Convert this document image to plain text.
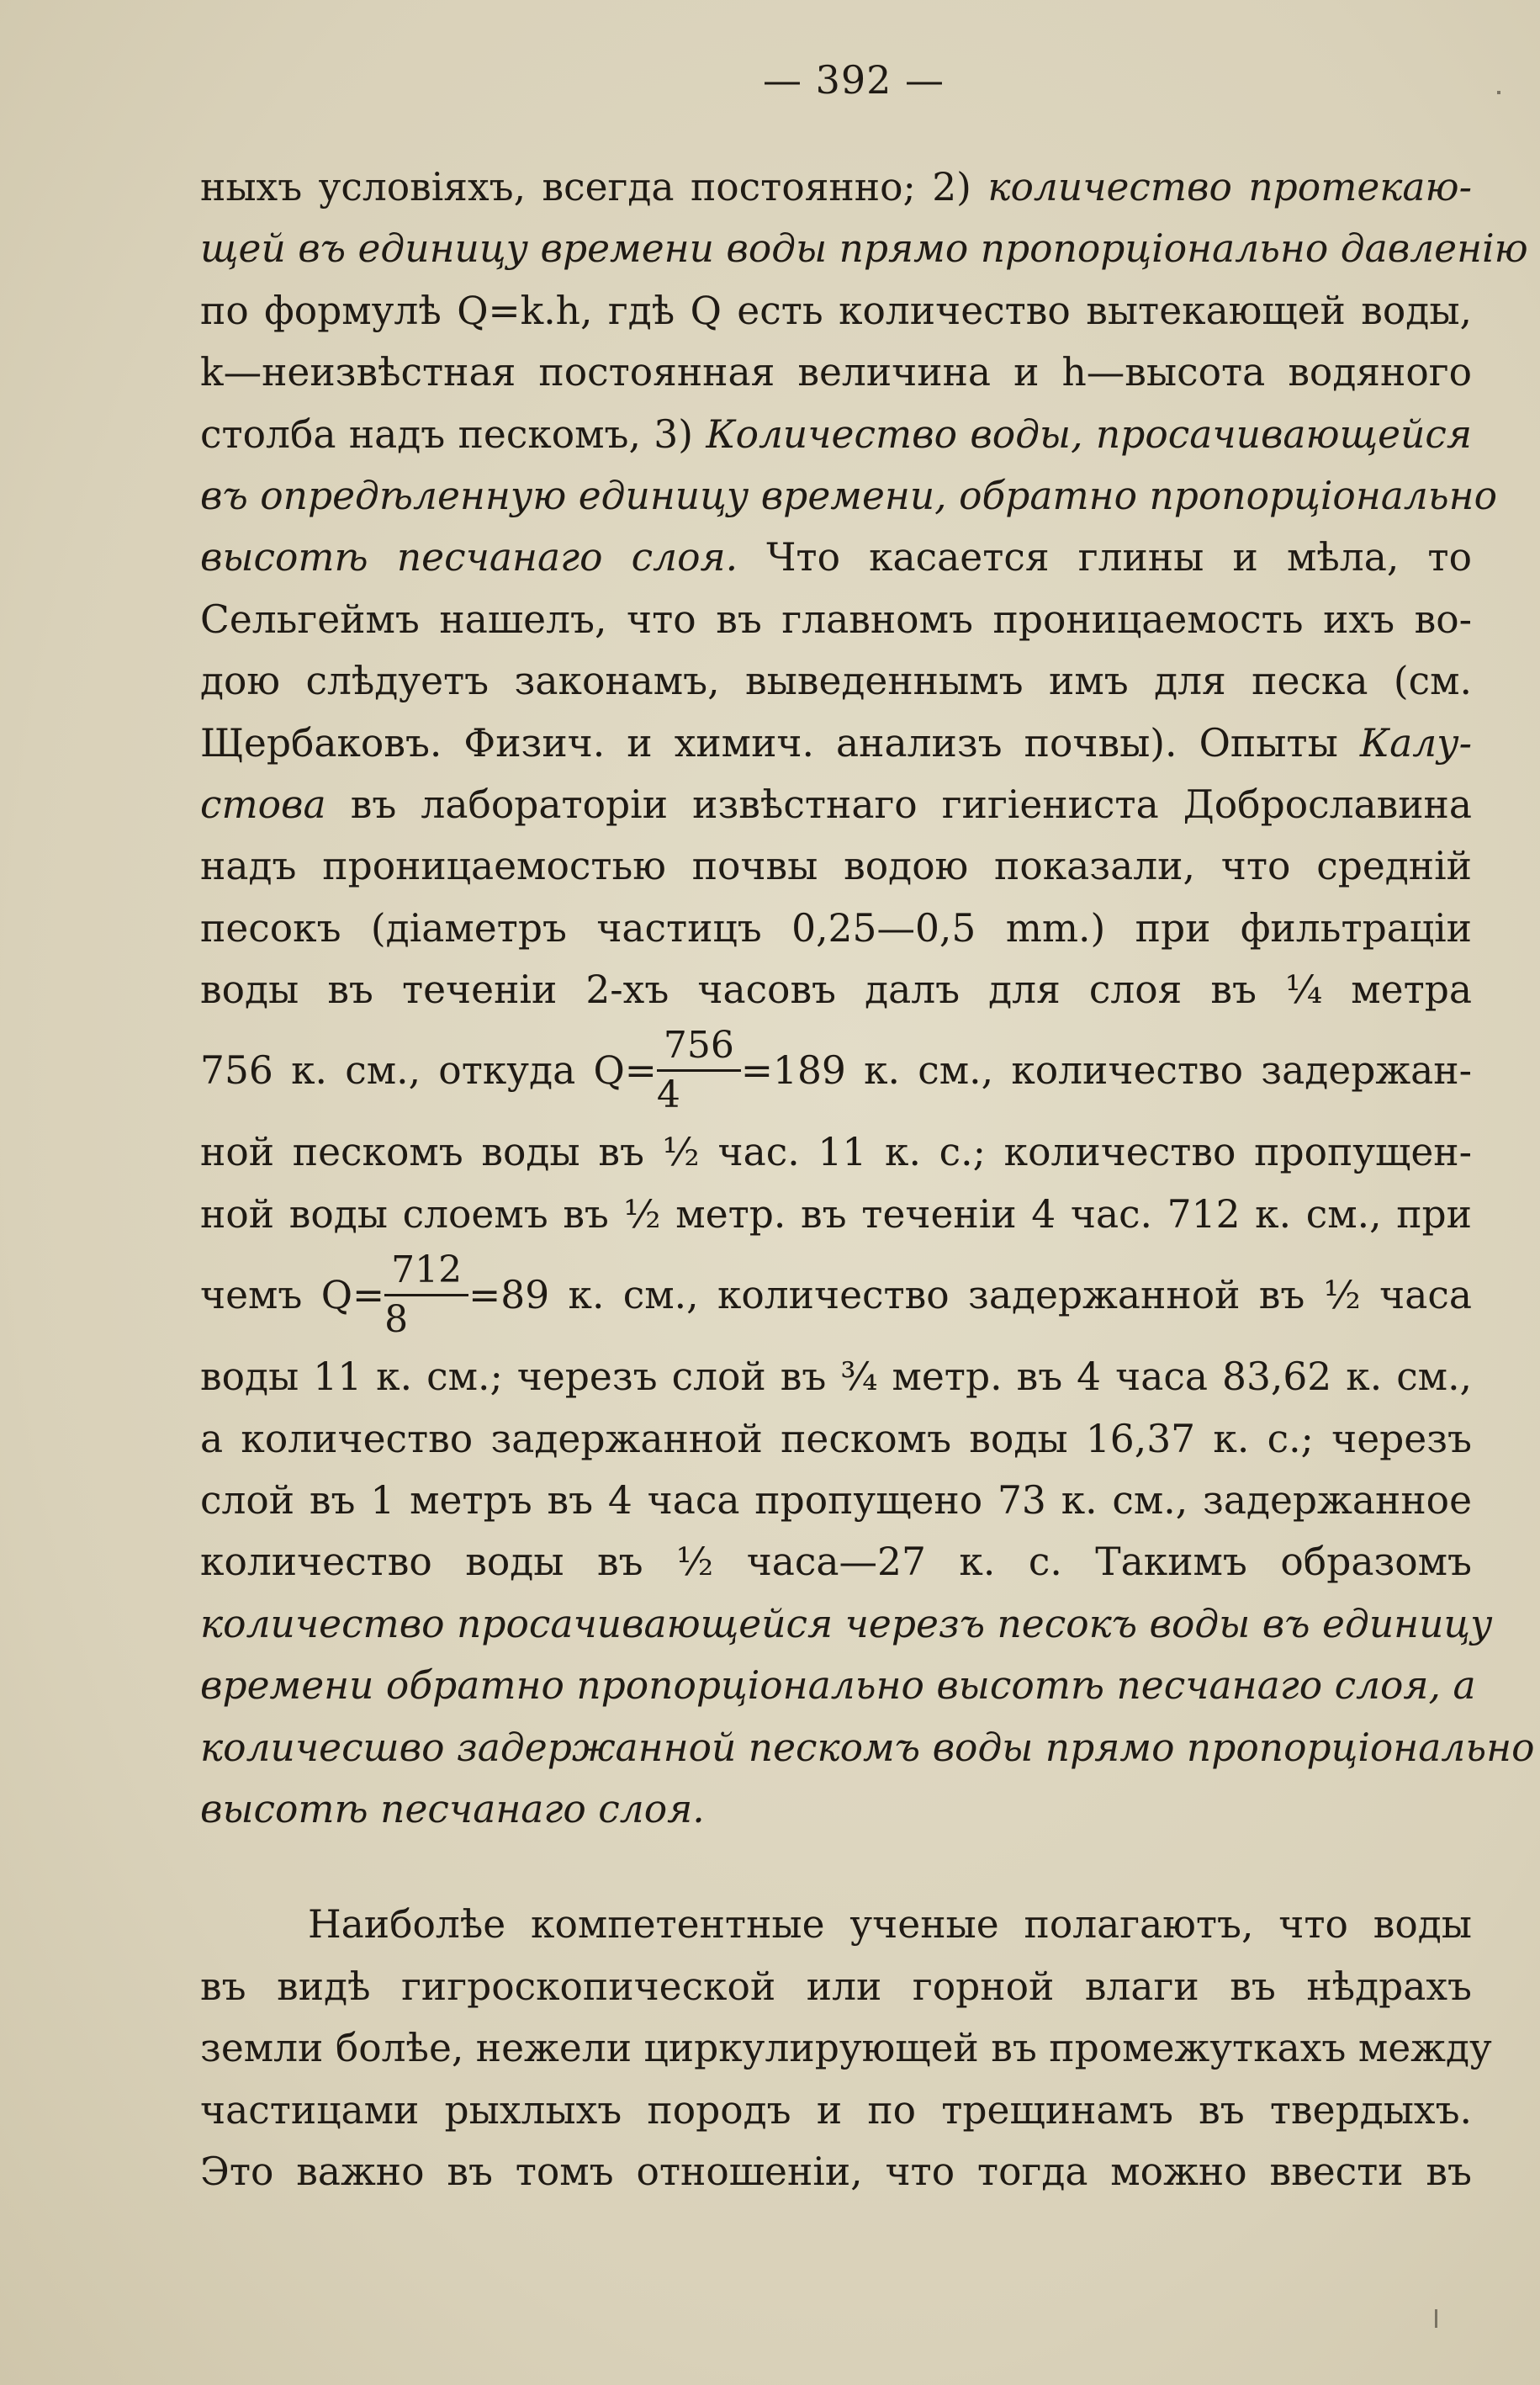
— 392 —
ныхъ условіяхъ, всегда постоянно; 2) количество протекаю-
щей въ единицу времени воды прямо пропорціонально давленію
по формулѣ Q=k.h, гдѣ Q есть количество вытекающей воды,
k—неизвѣстная постоянная величина и h—высота водяного
столба надъ пескомъ, 3) Количество воды, просачивающейся
въ опредѣленную единицу времени, обратно пропорціонально
высотѣ песчанаго слоя. Что касается глины и мѣла, то
Сельгеймъ нашелъ, что въ главномъ проницаемость ихъ во-
дою слѣдуетъ законамъ, выведеннымъ имъ для песка (см.
Щербаковъ. Физич. и химич. анализъ почвы). Опыты Калу-
стова въ лабораторіи извѣстнаго гигіениста Доброславина
надъ проницаемостью почвы водою показали, что среднiй
песокъ (діаметръ частицъ 0,25—0,5 mm.) при фильтраціи
воды въ теченіи 2-хъ часовъ далъ для слоя въ ¼ метра
756 к. см., откуда $Q= \frac{756}{4} =189$ к. см., количество задержан-
ной пескомъ воды въ ½ час. 11 к. с.; количество пропущен-
ной воды слоемъ въ ½ метр. въ теченіи 4 час. 712 к. см., при
чемъ $Q= \frac{712}{8} =89$ к. см., количество задержанной въ ½ часа
воды 11 к. см.; черезъ слой въ ¾ метр. въ 4 часа 83,62 к. см.,
а количество задержанной пескомъ воды 16,37 к. с.; черезъ
слой въ 1 метръ въ 4 часа пропущено 73 к. см., задержанное
количество воды въ ½ часа—27 к. с. Такимъ образомъ
количество просачивающейся черезъ песокъ воды въ единицу
времени обратно пропорціонально высотѣ песчанаго слоя, а
количесшво задержанной пескомъ воды прямо пропорціонально
высотѣ песчанаго слоя.
Наиболѣе компетентные ученые полагаютъ, что воды
въ видѣ гигроскопической или горной влаги въ нѣдрахъ
земли болѣе, нежели циркулирующей въ промежуткахъ между
частицами рыхлыхъ породъ и по трещинамъ въ твердыхъ.
Это важно въ томъ отношеніи, что тогда можно ввести въ
